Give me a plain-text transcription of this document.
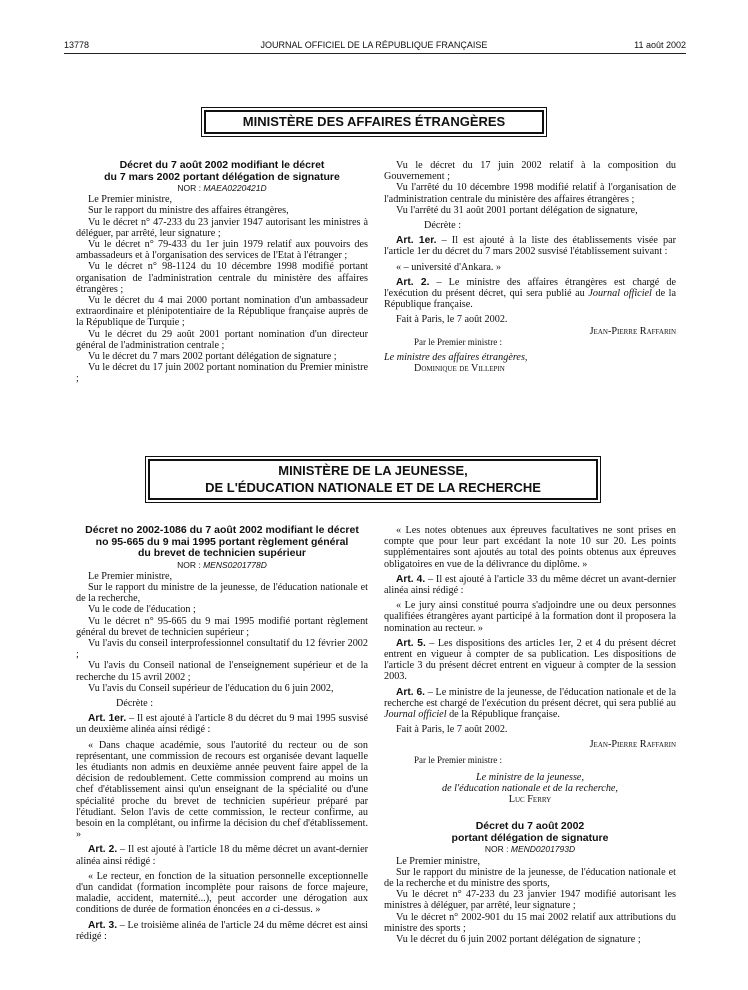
13778	JOURNAL OFFICIEL DE LA RÉPUBLIQUE FRANÇAISE	11 août 2002
MINISTÈRE DES AFFAIRES ÉTRANGÈRES

Décret du 7 août 2002 modifiant le décret
du 7 mars 2002 portant délégation de signature

NOR : MAEA0220421D

Le Premier ministre,

Sur le rapport du ministre des affaires étrangères,

Vu le décret n° 47-233 du 23 janvier 1947 autorisant les ministres à déléguer, par arrêté, leur signature ;

Vu le décret n° 79-433 du 1er juin 1979 relatif aux pouvoirs des ambassadeurs et à l'organisation des services de l'Etat à l'étranger ;

Vu le décret n° 98-1124 du 10 décembre 1998 modifié portant organisation de l'administration centrale du ministère des affaires étrangères ;

Vu le décret du 4 mai 2000 portant nomination d'un ambassadeur extraordinaire et plénipotentiaire de la République française auprès de la République de Turquie ;

Vu le décret du 29 août 2001 portant nomination d'un directeur général de l'administration centrale ;

Vu le décret du 7 mars 2002 portant délégation de signature ;

Vu le décret du 17 juin 2002 portant nomination du Premier ministre ;

Vu le décret du 17 juin 2002 relatif à la composition du Gouvernement ;

Vu l'arrêté du 10 décembre 1998 modifié relatif à l'organisation de l'administration centrale du ministère des affaires étrangères ;

Vu l'arrêté du 31 août 2001 portant délégation de signature,

Décrète :

Art. 1er. – Il est ajouté à la liste des établissements visée par l'article 1er du décret du 7 mars 2002 susvisé l'établissement suivant :

« – université d'Ankara. »

Art. 2. – Le ministre des affaires étrangères est chargé de l'exécution du présent décret, qui sera publié au Journal officiel de la République française.

Fait à Paris, le 7 août 2002.

Jean-Pierre Raffarin

Par le Premier ministre :

Le ministre des affaires étrangères,

Dominique de Villepin

MINISTÈRE DE LA JEUNESSE,
DE L'ÉDUCATION NATIONALE ET DE LA RECHERCHE

Décret no 2002-1086 du 7 août 2002 modifiant le décret
no 95-665 du 9 mai 1995 portant règlement général
du brevet de technicien supérieur

NOR : MENS0201778D

Le Premier ministre,

Sur le rapport du ministre de la jeunesse, de l'éducation nationale et de la recherche,

Vu le code de l'éducation ;

Vu le décret n° 95-665 du 9 mai 1995 modifié portant règlement général du brevet de technicien supérieur ;

Vu l'avis du conseil interprofessionnel consultatif du 12 février 2002 ;

Vu l'avis du Conseil national de l'enseignement supérieur et de la recherche du 15 avril 2002 ;

Vu l'avis du Conseil supérieur de l'éducation du 6 juin 2002,

Décrète :

Art. 1er. – Il est ajouté à l'article 8 du décret du 9 mai 1995 susvisé un deuxième alinéa ainsi rédigé :

« Dans chaque académie, sous l'autorité du recteur ou de son représentant, une commission de recours est organisée devant laquelle les étudiants non admis en deuxième année peuvent faire appel de la décision de redoublement. Cette commission comprend au moins un chef d'établissement ainsi qu'un enseignant de la spécialité ou d'une spécialité proche du brevet de technicien supérieur préparé par l'étudiant. Selon l'avis de cette commission, le recteur confirme, au besoin en la complétant, ou infirme la décision du chef d'établissement. »

Art. 2. – Il est ajouté à l'article 18 du même décret un avant-dernier alinéa ainsi rédigé :

« Le recteur, en fonction de la situation personnelle exceptionnelle d'un candidat (formation incomplète pour raisons de force majeure, maladie, accident, maternité...), peut accorder une dérogation aux conditions de durée de formation énoncées en a ci-dessus. »

Art. 3. – Le troisième alinéa de l'article 24 du même décret est ainsi rédigé :

« Les notes obtenues aux épreuves facultatives ne sont prises en compte que pour leur part excédant la note 10 sur 20. Les points supplémentaires sont ajoutés au total des points obtenus aux épreuves obligatoires en vue de la délivrance du diplôme. »

Art. 4. – Il est ajouté à l'article 33 du même décret un avant-dernier alinéa ainsi rédigé :

« Le jury ainsi constitué pourra s'adjoindre une ou deux personnes qualifiées étrangères ayant participé à la formation dont il proposera la nomination au recteur. »

Art. 5. – Les dispositions des articles 1er, 2 et 4 du présent décret entrent en vigueur à compter de sa publication. Les dispositions de l'article 3 du présent décret entrent en vigueur à compter de la session 2003.

Art. 6. – Le ministre de la jeunesse, de l'éducation nationale et de la recherche est chargé de l'exécution du présent décret, qui sera publié au Journal officiel de la République française.

Fait à Paris, le 7 août 2002.

Jean-Pierre Raffarin

Par le Premier ministre :

Le ministre de la jeunesse,

de l'éducation nationale et de la recherche,

Luc Ferry

Décret du 7 août 2002
portant délégation de signature

NOR : MEND0201793D

Le Premier ministre,

Sur le rapport du ministre de la jeunesse, de l'éducation nationale et de la recherche et du ministre des sports,

Vu le décret n° 47-233 du 23 janvier 1947 modifié autorisant les ministres à déléguer, par arrêté, leur signature ;

Vu le décret n° 2002-901 du 15 mai 2002 relatif aux attributions du ministre des sports ;

Vu le décret du 6 juin 2002 portant délégation de signature ;
